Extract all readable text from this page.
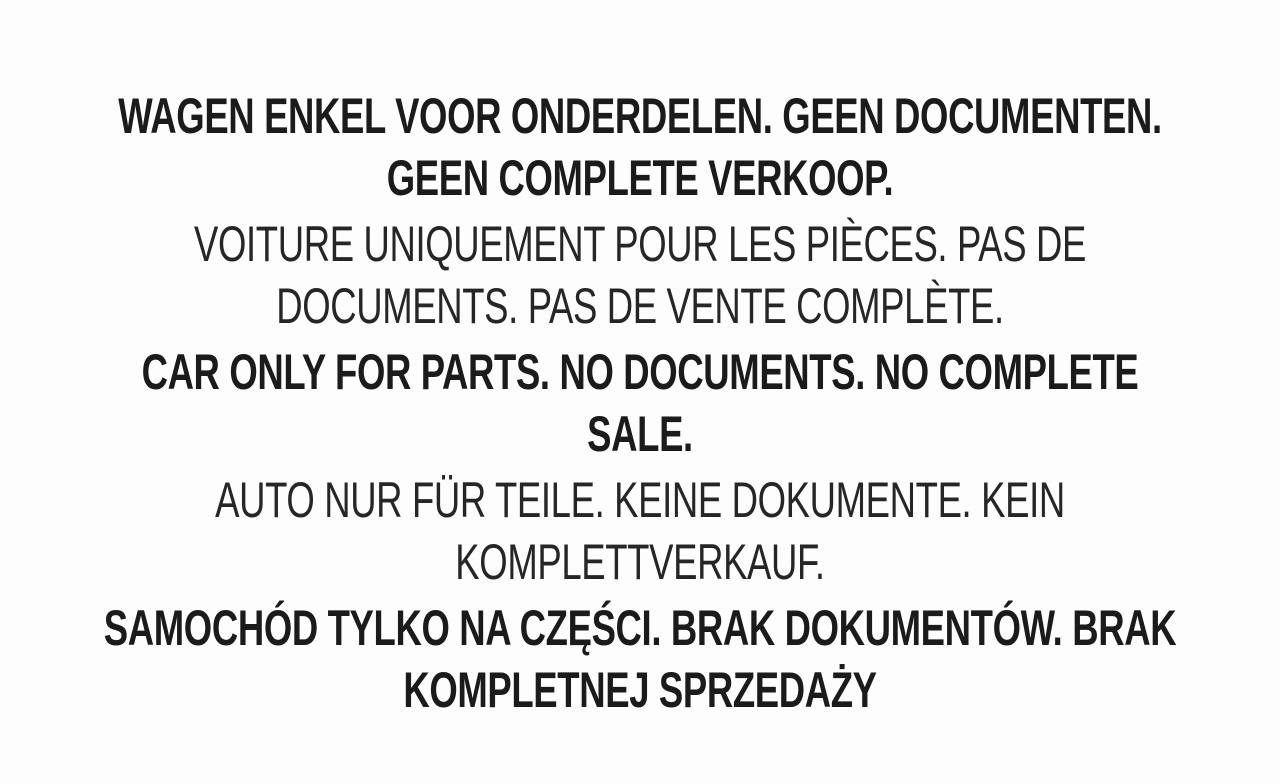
WAGEN ENKEL VOOR ONDERDELEN. GEEN DOCUMENTEN.
GEEN COMPLETE VERKOOP.

VOITURE UNIQUEMENT POUR LES PIÈCES. PAS DE
DOCUMENTS. PAS DE VENTE COMPLÈTE.

CAR ONLY FOR PARTS. NO DOCUMENTS. NO COMPLETE
SALE.

AUTO NUR FÜR TEILE. KEINE DOKUMENTE. KEIN
KOMPLETTVERKAUF.

SAMOCHÓD TYLKO NA CZĘŚCI. BRAK DOKUMENTÓW. BRAK
KOMPLETNEJ SPRZEDAŻY
